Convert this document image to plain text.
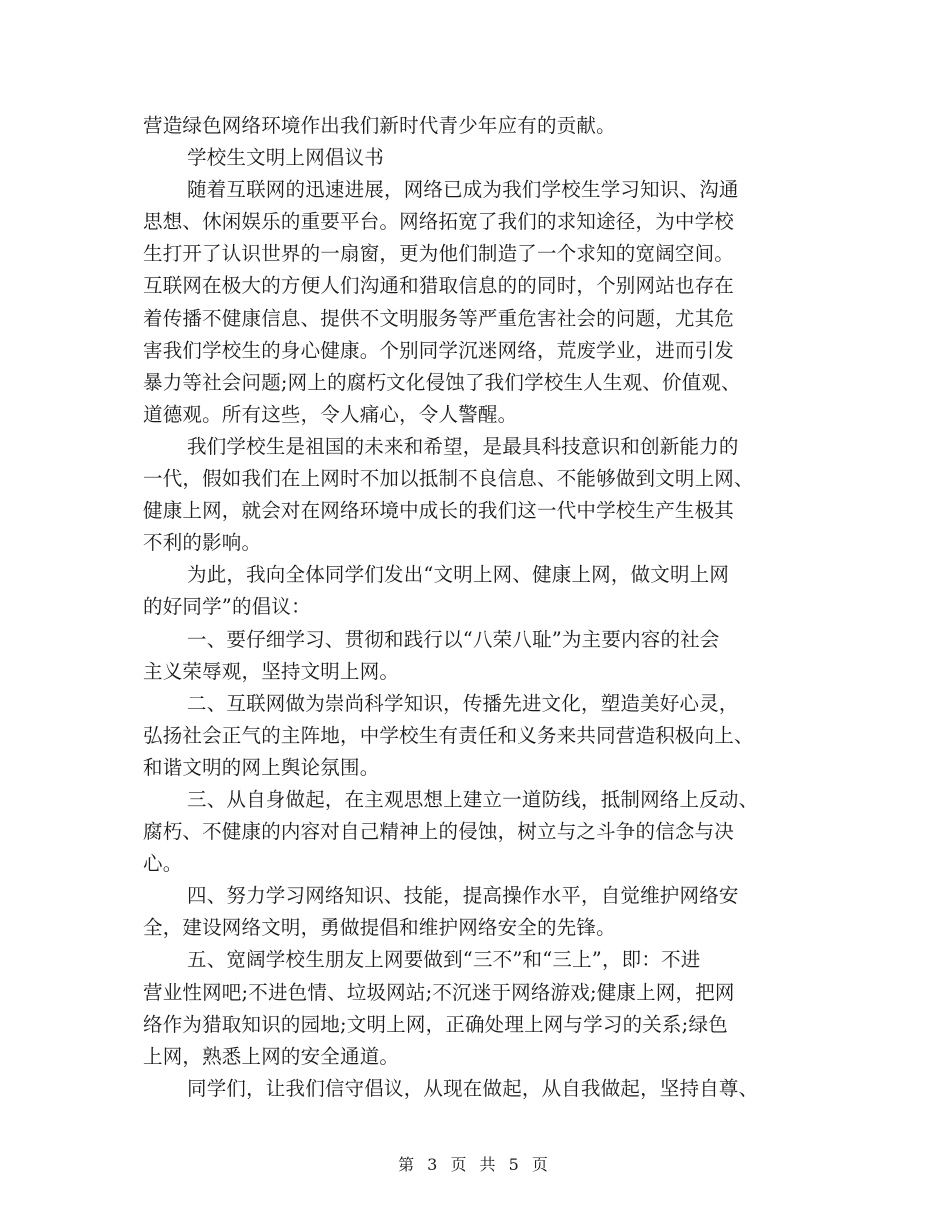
营造绿色网络环境作出我们新时代青少年应有的贡献。
学校生文明上网倡议书
随着互联网的迅速进展，网络已成为我们学校生学习知识、沟通
思想、休闲娱乐的重要平台。网络拓宽了我们的求知途径，为中学校
生打开了认识世界的一扇窗，更为他们制造了一个求知的宽阔空间。
互联网在极大的方便人们沟通和猎取信息的的同时，个别网站也存在
着传播不健康信息、提供不文明服务等严重危害社会的问题，尤其危
害我们学校生的身心健康。个别同学沉迷网络，荒废学业，进而引发
暴力等社会问题;网上的腐朽文化侵蚀了我们学校生人生观、价值观、
道德观。所有这些，令人痛心，令人警醒。
我们学校生是祖国的未来和希望，是最具科技意识和创新能力的
一代，假如我们在上网时不加以抵制不良信息、不能够做到文明上网、
健康上网，就会对在网络环境中成长的我们这一代中学校生产生极其
不利的影响。
为此，我向全体同学们发出“文明上网、健康上网，做文明上网
的好同学”的倡议：
一、要仔细学习、贯彻和践行以“八荣八耻”为主要内容的社会
主义荣辱观，坚持文明上网。
二、互联网做为崇尚科学知识，传播先进文化，塑造美好心灵，
弘扬社会正气的主阵地，中学校生有责任和义务来共同营造积极向上、
和谐文明的网上舆论氛围。
三、从自身做起，在主观思想上建立一道防线，抵制网络上反动、
腐朽、不健康的内容对自己精神上的侵蚀，树立与之斗争的信念与决
心。
四、努力学习网络知识、技能，提高操作水平，自觉维护网络安
全，建设网络文明，勇做提倡和维护网络安全的先锋。
五、宽阔学校生朋友上网要做到“三不”和“三上”，即：不进
营业性网吧;不进色情、垃圾网站;不沉迷于网络游戏;健康上网，把网
络作为猎取知识的园地;文明上网，正确处理上网与学习的关系;绿色
上网，熟悉上网的安全通道。
同学们，让我们信守倡议，从现在做起，从自我做起，坚持自尊、
第 3 页 共 5 页
